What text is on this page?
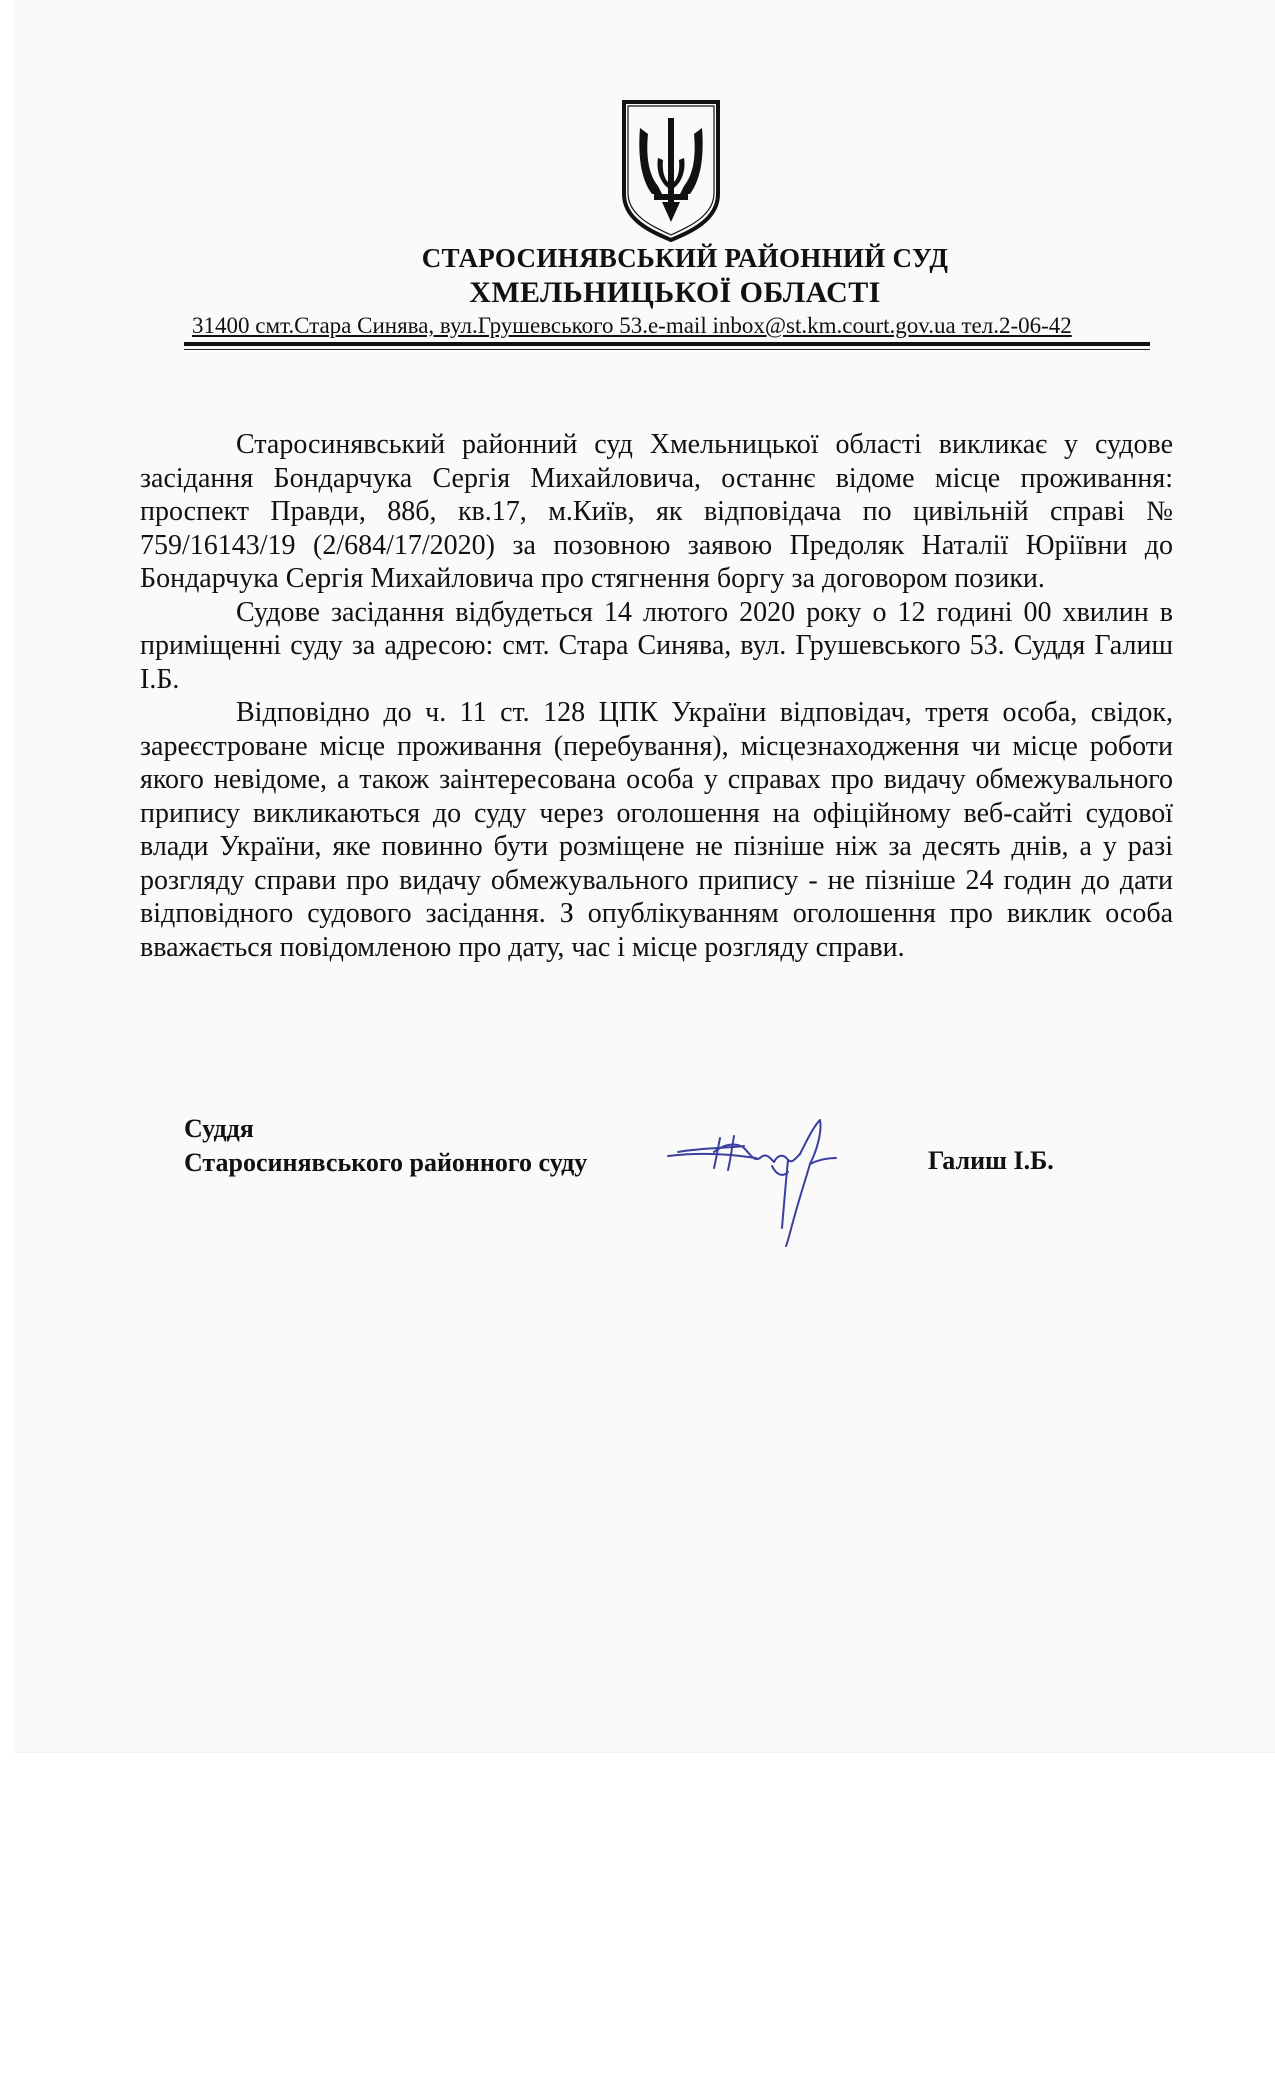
СТАРОСИНЯВСЬКИЙ РАЙОННИЙ СУД
ХМЕЛЬНИЦЬКОЇ ОБЛАСТІ
31400 смт.Стара Синява, вул.Грушевського 53.e-mail inbox@st.km.court.gov.ua тел.2-06-42

Старосинявський районний суд Хмельницької області викликає у судове засідання Бондарчука Сергія Михайловича, останнє відоме місце проживання: проспект Правди, 88б, кв.17, м.Київ, як відповідача по цивільній справі № 759/16143/19 (2/684/17/2020) за позовною заявою Предоляк Наталії Юріївни до Бондарчука Сергія Михайловича про стягнення боргу за договором позики.

Судове засідання відбудеться 14 лютого 2020 року о 12 годині 00 хвилин в приміщенні суду за адресою: смт. Стара Синява, вул. Грушевського 53. Суддя Галиш І.Б.

Відповідно до ч. 11 ст. 128 ЦПК України відповідач, третя особа, свідок, зареєстроване місце проживання (перебування), місцезнаходження чи місце роботи якого невідоме, а також заінтересована особа у справах про видачу обмежувального припису викликаються до суду через оголошення на офіційному веб-сайті судової влади України, яке повинно бути розміщене не пізніше ніж за десять днів, а у разі розгляду справи про видачу обмежувального припису - не пізніше 24 годин до дати відповідного судового засідання. З опублікуванням оголошення про виклик особа вважається повідомленою про дату, час і місце розгляду справи.

Суддя
Старосинявського районного суду	Галиш І.Б.
